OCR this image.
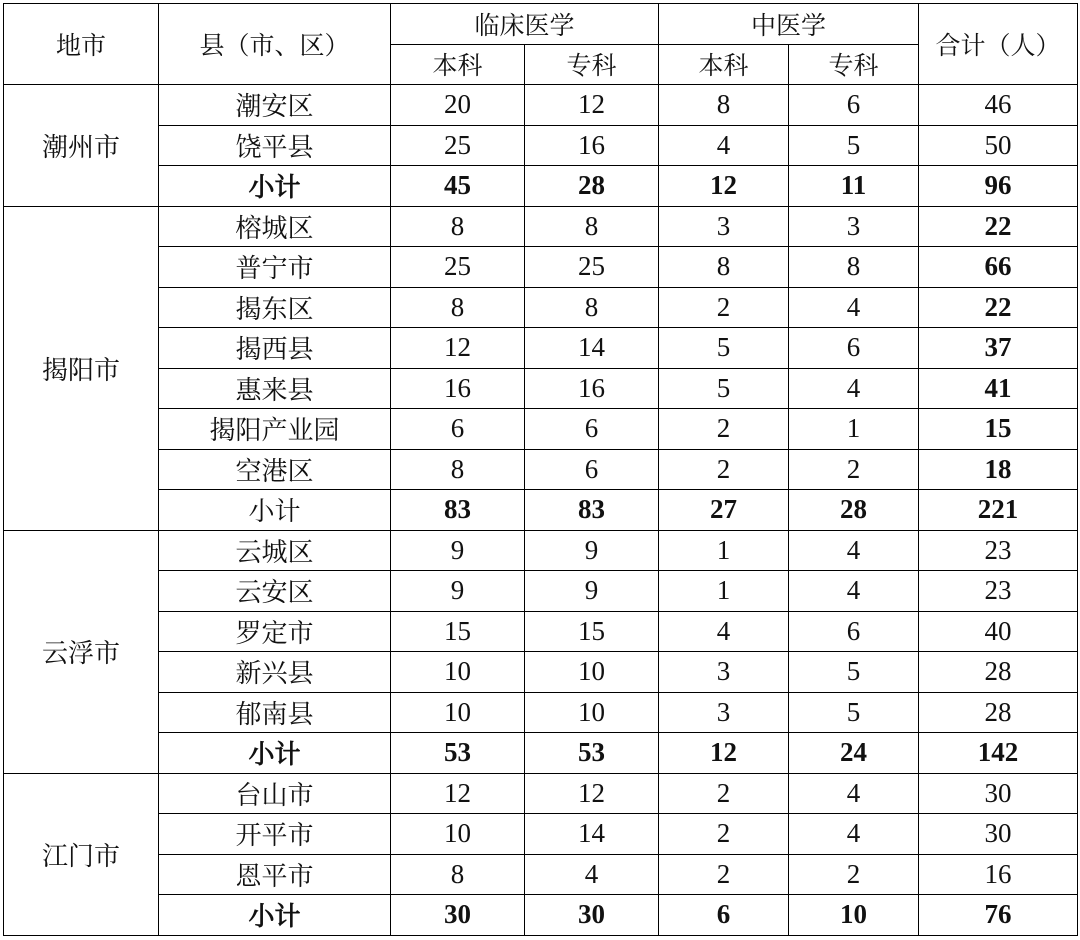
地市	县（市、区）	临床医学		中医学		合计（人）
		本科	专科	本科	专科	
潮州市	潮安区	20	12	8	6	46
	饶平县	25	16	4	5	50
	小计	45	28	12	11	96
揭阳市	榕城区	8	8	3	3	22
	普宁市	25	25	8	8	66
	揭东区	8	8	2	4	22
	揭西县	12	14	5	6	37
	惠来县	16	16	5	4	41
	揭阳产业园	6	6	2	1	15
	空港区	8	6	2	2	18
	小计	83	83	27	28	221
云浮市	云城区	9	9	1	4	23
	云安区	9	9	1	4	23
	罗定市	15	15	4	6	40
	新兴县	10	10	3	5	28
	郁南县	10	10	3	5	28
	小计	53	53	12	24	142
江门市	台山市	12	12	2	4	30
	开平市	10	14	2	4	30
	恩平市	8	4	2	2	16
	小计	30	30	6	10	76
